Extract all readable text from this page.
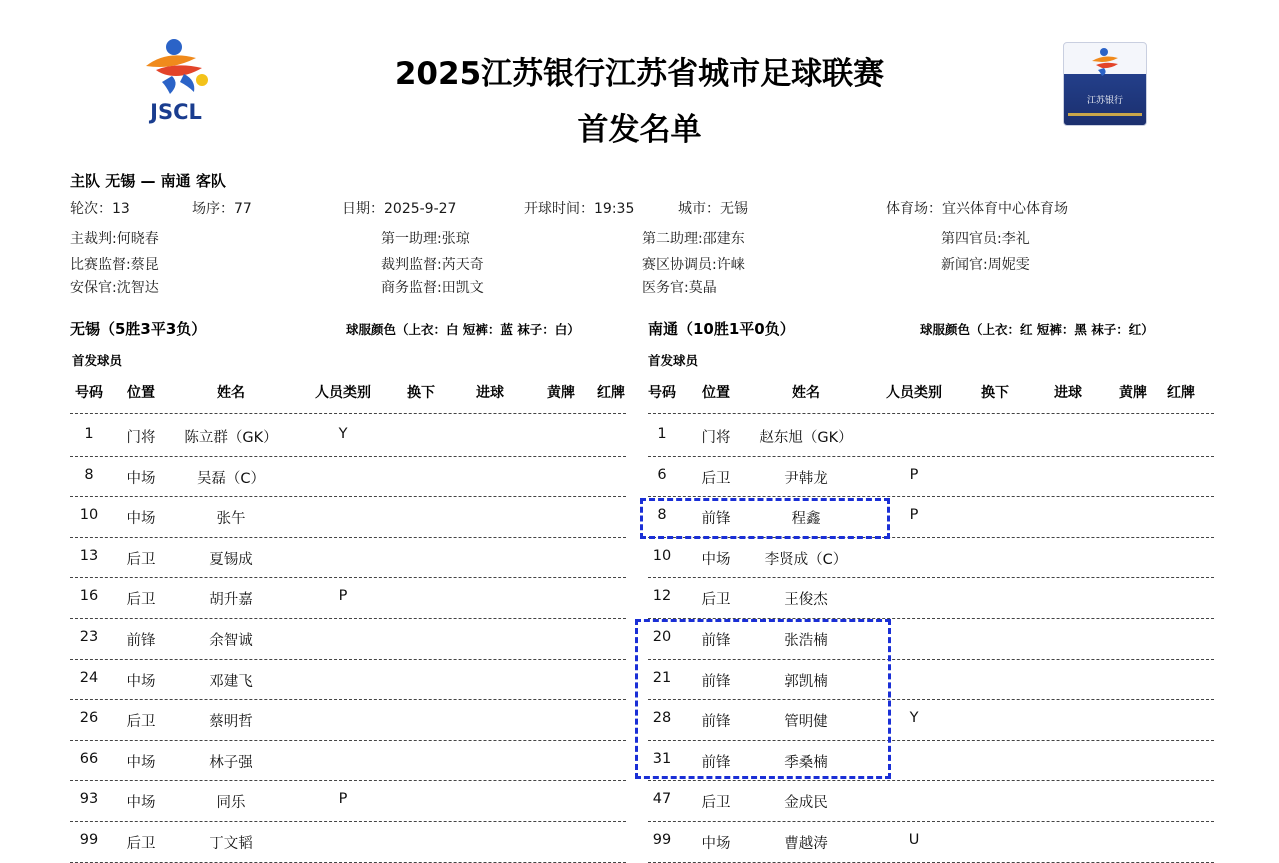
JSCL
2025江苏银行江苏省城市足球联赛
首发名单
江苏银行
主队 无锡 — 南通 客队
轮次：13	场序：77	日期：2025-9-27	开球时间：19:35	城市：无锡	体育场：宜兴体育中心体育场
主裁判:何晓春	第一助理:张琼	第二助理:邵建东	第四官员:李礼
比赛监督:蔡昆	裁判监督:芮天奇	赛区协调员:许崃	新闻官:周妮雯
安保官:沈智达	商务监督:田凯文	医务官:莫晶
无锡（5胜3平3负）	球服颜色（上衣：白 短裤：蓝 袜子：白）	南通（10胜1平0负）	球服颜色（上衣：红 短裤：黑 袜子：红）
首发球员	首发球员
号码 位置	姓名	人员类别	换下	进球	黄牌 红牌
1 门将 陈立群（GK）	Y
8 中场	吴磊（C）
10 中场	张午
13 后卫	夏锡成
16 后卫	胡升嘉	P
23 前锋	余智诚
24 中场	邓建飞
26 后卫	蔡明哲
66 中场	林子强
93 中场	同乐	P
99 后卫	丁文韬
号码 位置	姓名	人员类别	换下	进球	黄牌 红牌
1 门将 赵东旭（GK）
6 后卫	尹韩龙	P
8 前锋	程鑫	P
10 中场 李贤成（C）
12 后卫	王俊杰
20 前锋	张浩楠
21 前锋	郭凯楠
28 前锋	管明健	Y
31 前锋	季桑楠
47 后卫	金成民
99 中场	曹越涛	U
